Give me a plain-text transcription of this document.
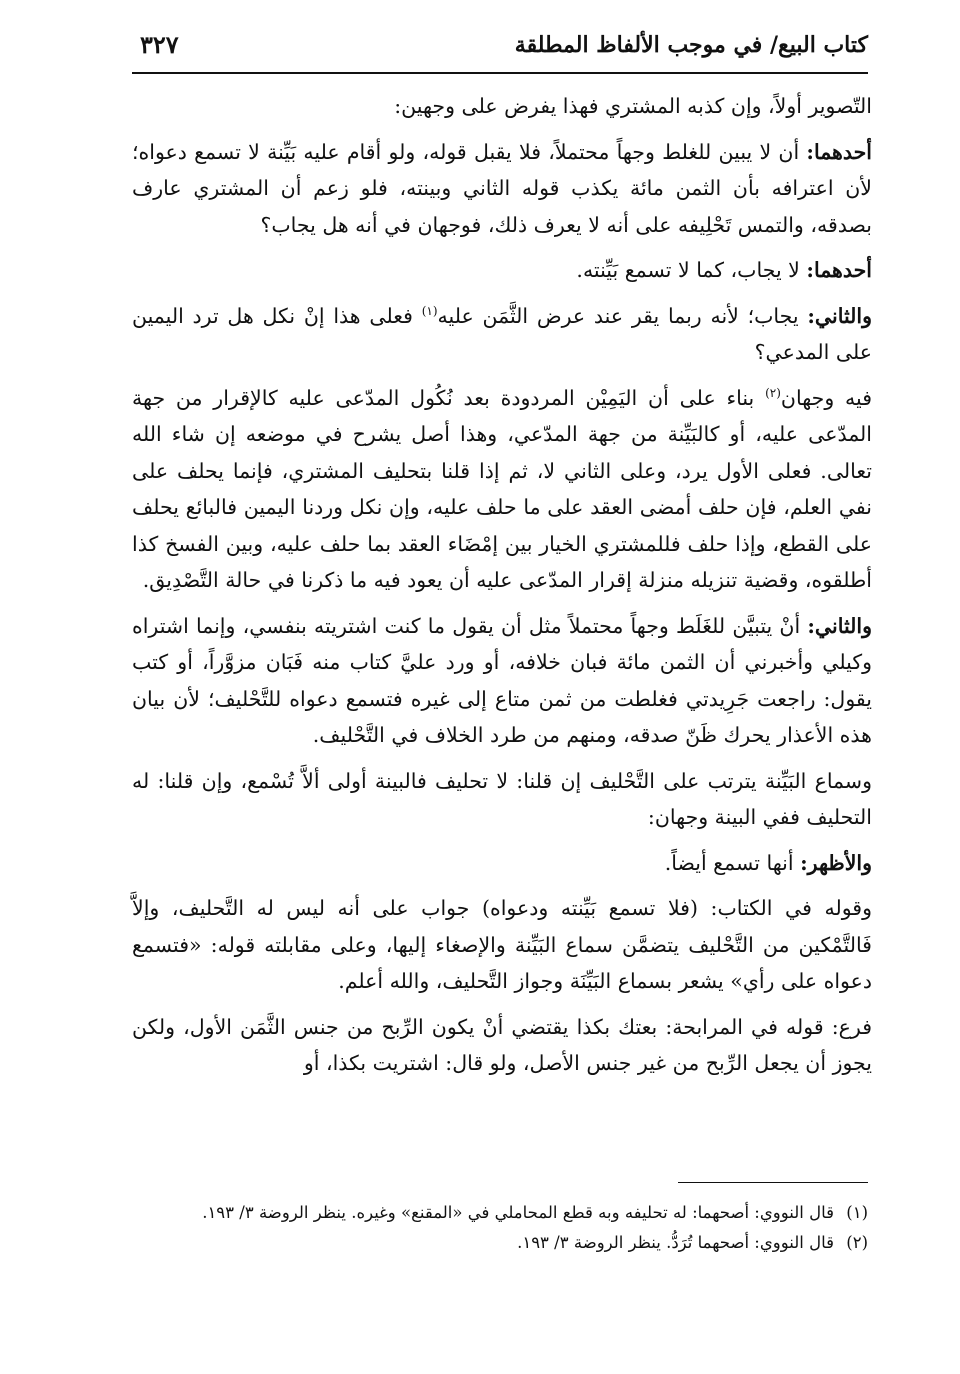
كتاب البيع/ في موجب الألفاظ المطلقة
٣٢٧

التّصوير أولاً، وإن كذبه المشتري فهذا يفرض على وجهين:

أحدهما: أن لا يبين للغلط وجهاً محتملاً، فلا يقبل قوله، ولو أقام عليه بَيِّنة لا تسمع دعواه؛ لأن اعترافه بأن الثمن مائة يكذب قوله الثاني وبينته، فلو زعم أن المشتري عارف بصدقه، والتمس تَحْلِيفه على أنه لا يعرف ذلك، فوجهان في أنه هل يجاب؟

أحدهما: لا يجاب، كما لا تسمع بَيِّنته.

والثاني: يجاب؛ لأنه ربما يقر عند عرض الثَّمَن عليه$^{(١)}$ فعلى هذا إنْ نكل هل ترد اليمين على المدعي؟

فيه وجهان$^{(٢)}$ بناء على أن اليَمِيْن المردودة بعد نُكُول المدّعى عليه كالإقرار من جهة المدّعى عليه، أو كالبَيِّنة من جهة المدّعي، وهذا أصل يشرح في موضعه إن شاء الله تعالى. فعلى الأول يرد، وعلى الثاني لا، ثم إذا قلنا بتحليف المشتري، فإنما يحلف على نفي العلم، فإن حلف أمضى العقد على ما حلف عليه، وإن نكل وردنا اليمين فالبائع يحلف على القطع، وإذا حلف فللمشتري الخيار بين إمْضَاء العقد بما حلف عليه، وبين الفسخ كذا أطلقوه، وقضية تنزيله منزلة إقرار المدّعى عليه أن يعود فيه ما ذكرنا في حالة التَّصْدِيق.

والثاني: أنْ يتبيَّن للغَلَط وجهاً محتملاً مثل أن يقول ما كنت اشتريته بنفسي، وإنما اشتراه وكيلي وأخبرني أن الثمن مائة فبان خلافه، أو ورد عليَّ كتاب منه فَبَان مزوَّراً، أو كتب يقول: راجعت جَرِيدتي فغلطت من ثمن متاع إلى غيره فتسمع دعواه للتَّحْليف؛ لأن بيان هذه الأعذار يحرك ظَنّ صدقه، ومنهم من طرد الخلاف في التَّحْليف.

وسماع البَيِّنة يترتب على التَّحْليف إن قلنا: لا تحليف فالبينة أولى ألاَّ تُسْمع، وإن قلنا: له التحليف ففي البينة وجهان:

والأظهر: أنها تسمع أيضاً.

وقوله في الكتاب: (فلا تسمع بَيِّنته ودعواه) جواب على أنه ليس له التَّحليف، وإلاَّ فَالتَّمْكين من التَّحْليف يتضمَّن سماع البَيِّنة والإصغاء إليها، وعلى مقابلته قوله: «فتسمع دعواه على رأي» يشعر بسماع البَيِّنَة وجواز التَّحليف، والله أعلم.

فرع: قوله في المرابحة: بعتك بكذا يقتضي أنْ يكون الرِّبح من جنس الثَّمَن الأول، ولكن يجوز أن يجعل الرِّبح من غير جنس الأصل، ولو قال: اشتريت بكذا، أو

(١)قال النووي: أصحهما: له تحليفه وبه قطع المحاملي في «المقنع» وغيره. ينظر الروضة ٣/ ١٩٣.

(٢)قال النووي: أصحهما تُرَدُّ. ينظر الروضة ٣/ ١٩٣.
